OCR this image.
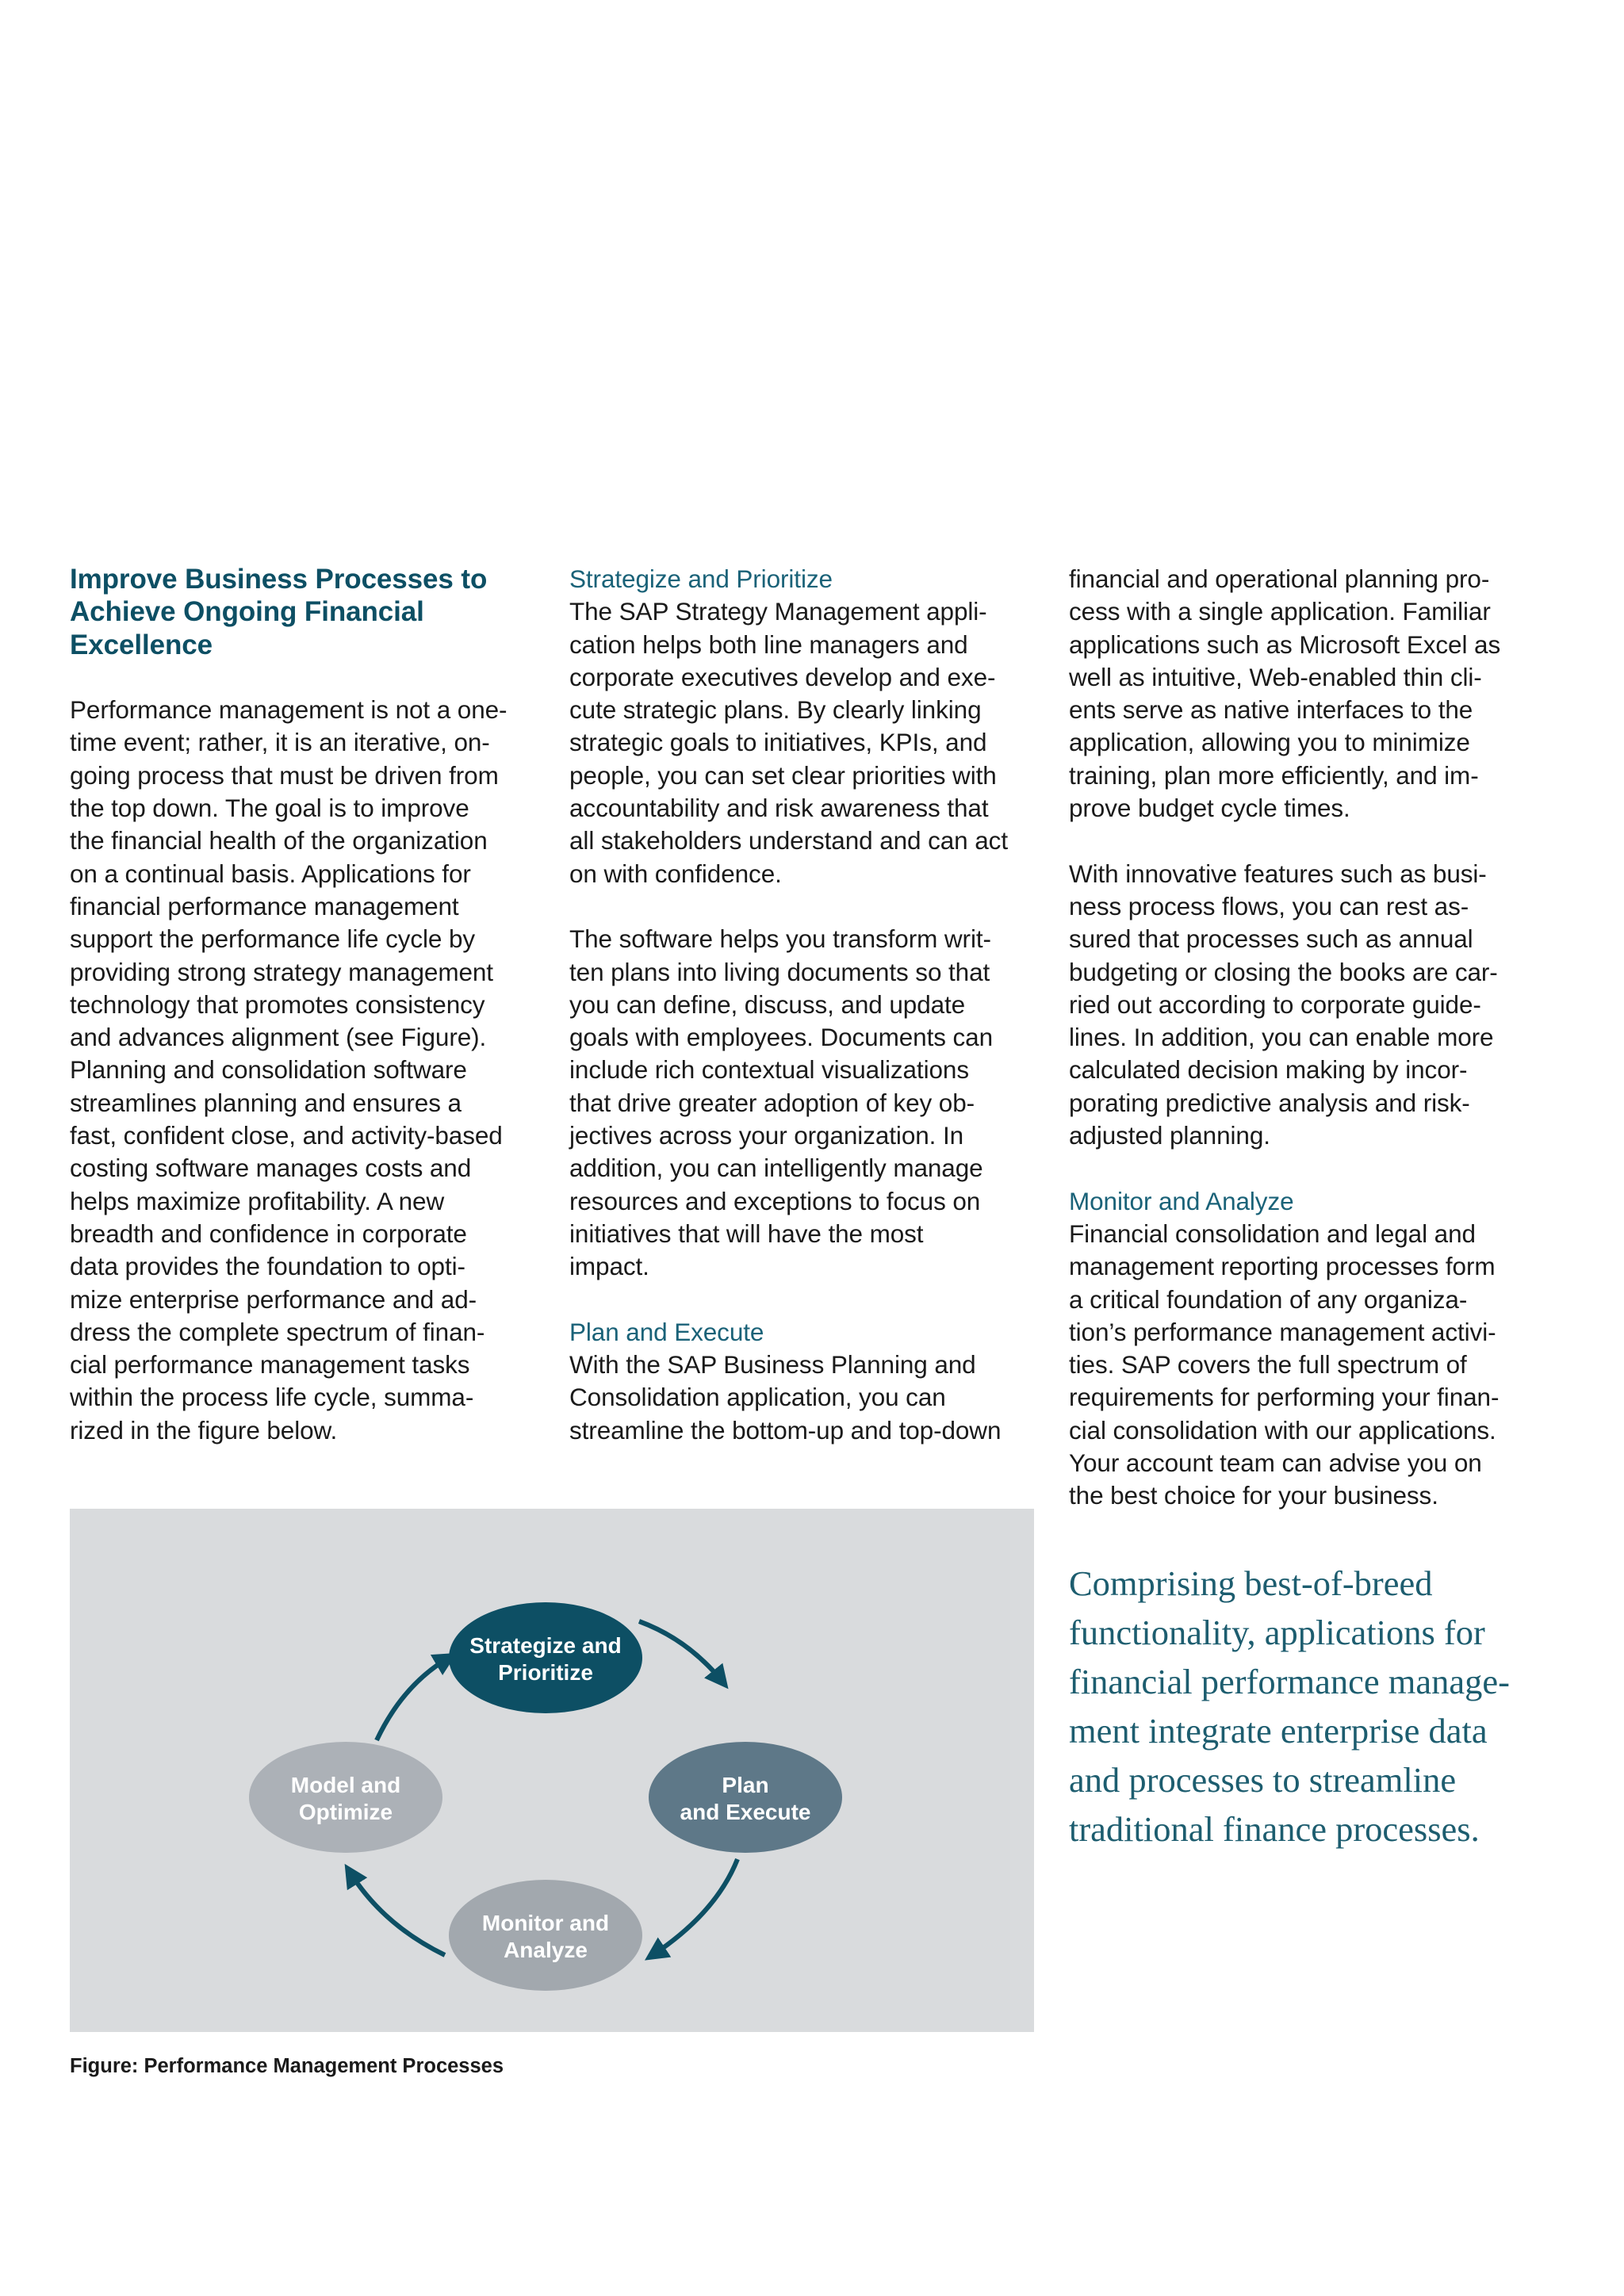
Improve Business Processes to

Achieve Ongoing Financial

Excellence

Performance management is not a one-

time event; rather, it is an iterative, on-

going process that must be driven from

the top down. The goal is to improve

the financial health of the organization

on a continual basis. Applications for

financial performance management

support the performance life cycle by

providing strong strategy management

technology that promotes consistency

and advances alignment (see Figure).

Planning and consolidation software

streamlines planning and ensures a

fast, confident close, and activity-based

costing software manages costs and

helps maximize profitability. A new

breadth and confidence in corporate

data provides the foundation to opti-

mize enterprise performance and ad-

dress the complete spectrum of finan-

cial performance management tasks

within the process life cycle, summa-

rized in the figure below.

Strategize and Prioritize

The SAP Strategy Management appli-

cation helps both line managers and

corporate executives develop and exe-

cute strategic plans. By clearly linking

strategic goals to initiatives, KPIs, and

people, you can set clear priorities with

accountability and risk awareness that

all stakeholders understand and can act

on with confidence.

The software helps you transform writ-

ten plans into living documents so that

you can define, discuss, and update

goals with employees. Documents can

include rich contextual visualizations

that drive greater adoption of key ob-

jectives across your organization. In

addition, you can intelligently manage

resources and exceptions to focus on

initiatives that will have the most

impact.

Plan and Execute

With the SAP Business Planning and

Consolidation application, you can

streamline the bottom-up and top-down

financial and operational planning pro-

cess with a single application. Familiar

applications such as Microsoft Excel as

well as intuitive, Web-enabled thin cli-

ents serve as native interfaces to the

application, allowing you to minimize

training, plan more efficiently, and im-

prove budget cycle times.

With innovative features such as busi-

ness process flows, you can rest as-

sured that processes such as annual

budgeting or closing the books are car-

ried out according to corporate guide-

lines. In addition, you can enable more

calculated decision making by incor-

porating predictive analysis and risk-

adjusted planning.

Monitor and Analyze

Financial consolidation and legal and

management reporting processes form

a critical foundation of any organiza-

tion’s performance management activi-

ties. SAP covers the full spectrum of

requirements for performing your finan-

cial consolidation with our applications.

Your account team can advise you on

the best choice for your business.

Comprising best-of-breed

functionality, applications for

financial performance manage-

ment integrate enterprise data

and processes to streamline

traditional finance processes.

Strategize and
Prioritize
Plan
and Execute
Monitor and
Analyze
Model and
Optimize

Figure: Performance Management Processes
